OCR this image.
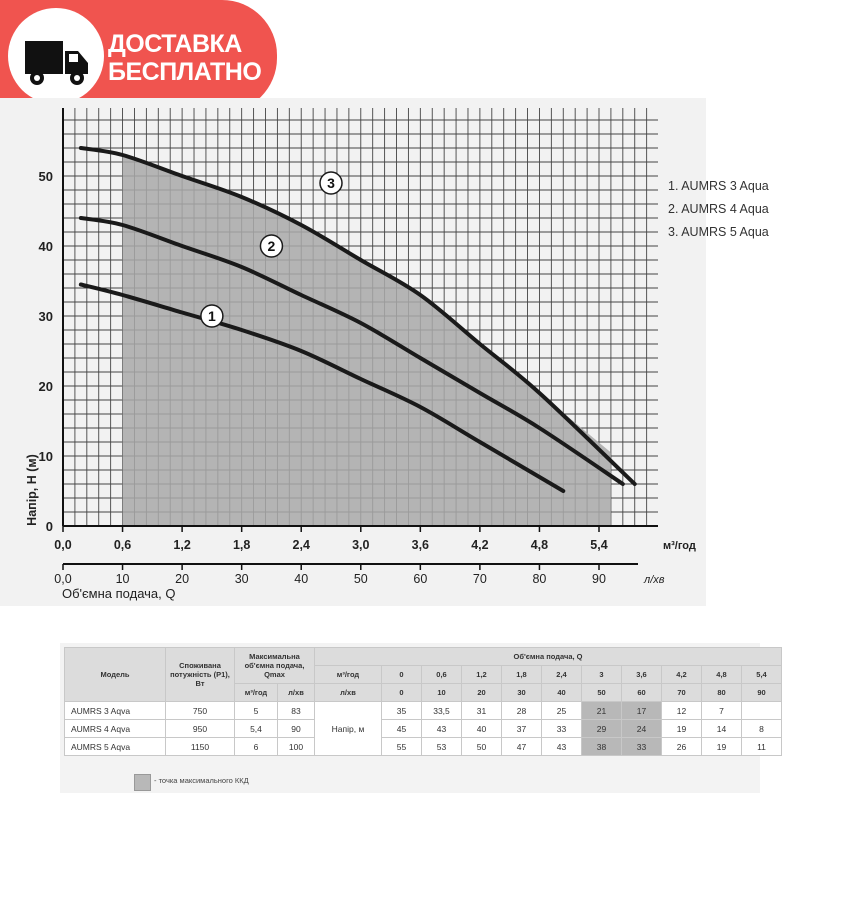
ДОСТАВКА
БЕСПЛАТНО
1
2
3
0,0	0,6	1,2	1,8	2,4	3,0	3,6	4,2	4,8	5,4	м³/год
0,0	10	20	30	40	50	60	70	80	90	л/хв
Об'ємна подача, Q
0
10
20
30
40
50
Напір, H (м)
1. AUMRS 3 Aqua
2. AUMRS 4 Aqua
3. AUMRS 5 Aqua
Модель	Споживана потужність (Р1), Вт	Максимальна об'ємна подача, Qmax		Об'ємна подача, Q										
				м³/год	0	0,6	1,2	1,8	2,4	3	3,6	4,2	4,8	5,4
		м³/год	л/хв	л/хв	0	10	20	30	40	50	60	70	80	90
AUMRS 3 Aqva	750	5	83	Напір, м	35	33,5	31	28	25	21	17	12	7	
AUMRS 4 Aqva	950	5,4	90		45	43	40	37	33	29	24	19	14	8
AUMRS 5 Aqva	1150	6	100		55	53	50	47	43	38	33	26	19	11
- точка максимального ККД
